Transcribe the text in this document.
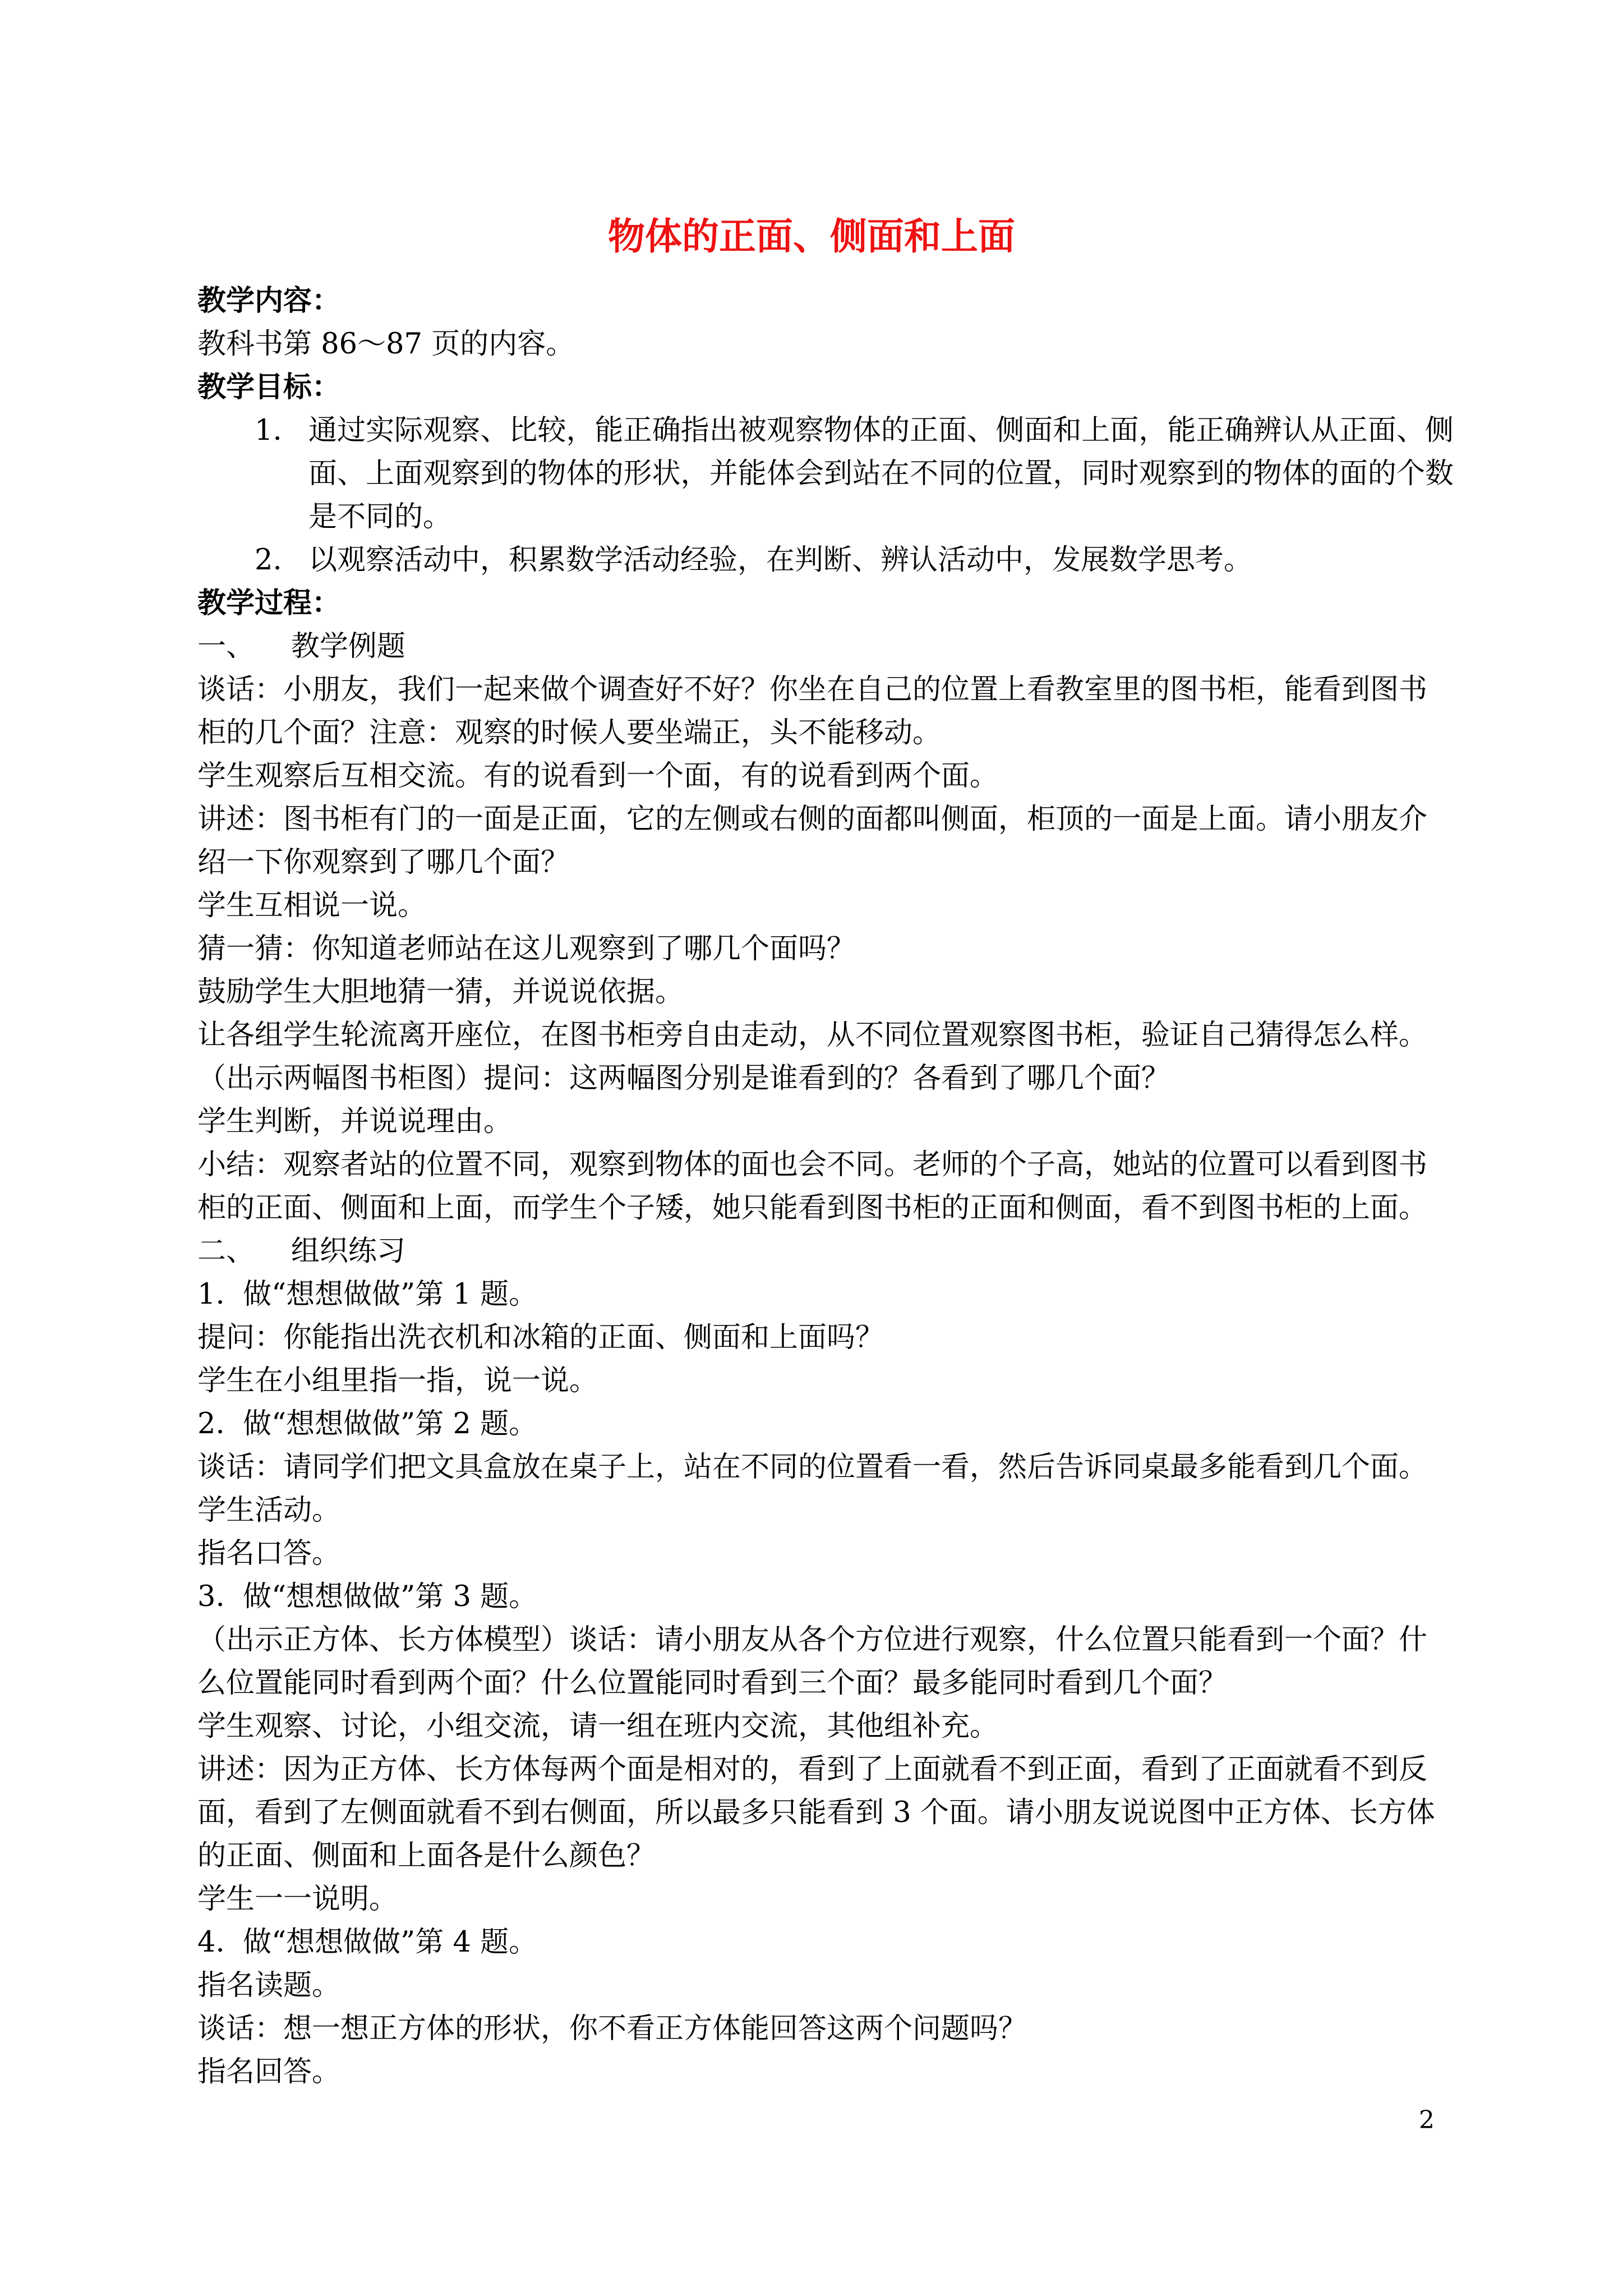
物体的正面、侧面和上面
教学内容：
教科书第 86～87 页的内容。
教学目标：
1. 通过实际观察、比较，能正确指出被观察物体的正面、侧面和上面，能正确辨认从正面、侧面、上面观察到的物体的形状，并能体会到站在不同的位置，同时观察到的物体的面的个数是不同的。
2. 以观察活动中，积累数学活动经验，在判断、辨认活动中，发展数学思考。
教学过程：
一、    教学例题
谈话：小朋友，我们一起来做个调查好不好？你坐在自己的位置上看教室里的图书柜，能看到图书
柜的几个面？注意：观察的时候人要坐端正，头不能移动。
学生观察后互相交流。有的说看到一个面，有的说看到两个面。
讲述：图书柜有门的一面是正面，它的左侧或右侧的面都叫侧面，柜顶的一面是上面。请小朋友介
绍一下你观察到了哪几个面？
学生互相说一说。
猜一猜：你知道老师站在这儿观察到了哪几个面吗？
鼓励学生大胆地猜一猜，并说说依据。
让各组学生轮流离开座位，在图书柜旁自由走动，从不同位置观察图书柜，验证自己猜得怎么样。
（出示两幅图书柜图）提问：这两幅图分别是谁看到的？各看到了哪几个面？
学生判断，并说说理由。
小结：观察者站的位置不同，观察到物体的面也会不同。老师的个子高，她站的位置可以看到图书
柜的正面、侧面和上面，而学生个子矮，她只能看到图书柜的正面和侧面，看不到图书柜的上面。
二、    组织练习
1.  做“想想做做”第 1 题。
提问：你能指出洗衣机和冰箱的正面、侧面和上面吗？
学生在小组里指一指，说一说。
2.  做“想想做做”第 2 题。
谈话：请同学们把文具盒放在桌子上，站在不同的位置看一看，然后告诉同桌最多能看到几个面。
学生活动。
指名口答。
3.  做“想想做做”第 3 题。
（出示正方体、长方体模型）谈话：请小朋友从各个方位进行观察，什么位置只能看到一个面？什
么位置能同时看到两个面？什么位置能同时看到三个面？最多能同时看到几个面？
学生观察、讨论，小组交流，请一组在班内交流，其他组补充。
讲述：因为正方体、长方体每两个面是相对的，看到了上面就看不到正面，看到了正面就看不到反
面，看到了左侧面就看不到右侧面，所以最多只能看到 3 个面。请小朋友说说图中正方体、长方体
的正面、侧面和上面各是什么颜色？
学生一一说明。
4.  做“想想做做”第 4 题。
指名读题。
谈话：想一想正方体的形状，你不看正方体能回答这两个问题吗？
指名回答。
2
